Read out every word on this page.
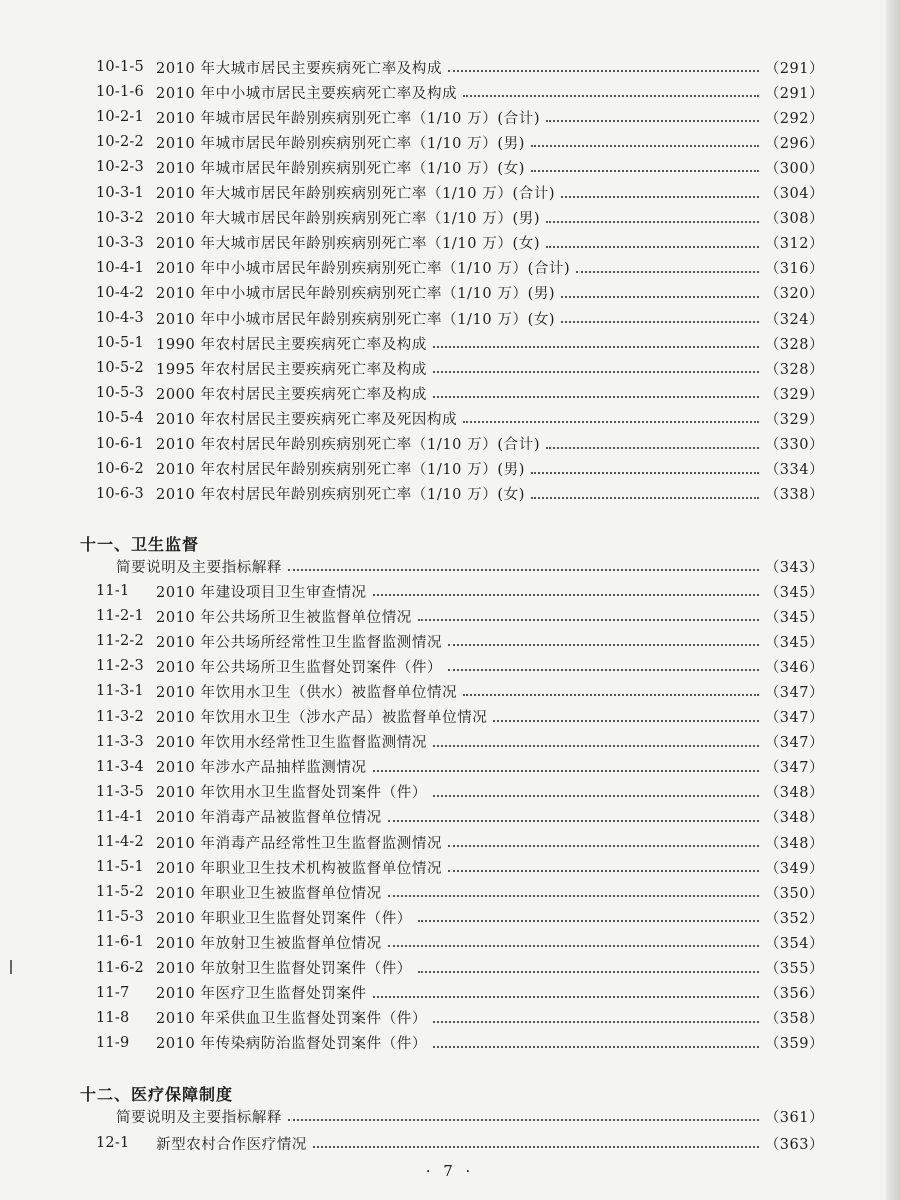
10-1-5 2010 年大城市居民主要疾病死亡率及构成	（291）
10-1-6 2010 年中小城市居民主要疾病死亡率及构成	（291）
10-2-1 2010 年城市居民年龄别疾病别死亡率（1/10 万）(合计)	（292）
10-2-2 2010 年城市居民年龄别疾病别死亡率（1/10 万）(男)	（296）
10-2-3 2010 年城市居民年龄别疾病别死亡率（1/10 万）(女)	（300）
10-3-1 2010 年大城市居民年龄别疾病别死亡率（1/10 万）(合计)	（304）
10-3-2 2010 年大城市居民年龄别疾病别死亡率（1/10 万）(男)	（308）
10-3-3 2010 年大城市居民年龄别疾病别死亡率（1/10 万）(女)	（312）
10-4-1 2010 年中小城市居民年龄别疾病别死亡率（1/10 万）(合计)	（316）
10-4-2 2010 年中小城市居民年龄别疾病别死亡率（1/10 万）(男)	（320）
10-4-3 2010 年中小城市居民年龄别疾病别死亡率（1/10 万）(女)	（324）
10-5-1 1990 年农村居民主要疾病死亡率及构成	（328）
10-5-2 1995 年农村居民主要疾病死亡率及构成	（328）
10-5-3 2000 年农村居民主要疾病死亡率及构成	（329）
10-5-4 2010 年农村居民主要疾病死亡率及死因构成	（329）
10-6-1 2010 年农村居民年龄别疾病别死亡率（1/10 万）(合计)	（330）
10-6-2 2010 年农村居民年龄别疾病别死亡率（1/10 万）(男)	（334）
10-6-3 2010 年农村居民年龄别疾病别死亡率（1/10 万）(女)	（338）
十一、卫生监督
简要说明及主要指标解释	（343）
11-1	2010 年建设项目卫生审查情况	（345）
11-2-1 2010 年公共场所卫生被监督单位情况	（345）
11-2-2 2010 年公共场所经常性卫生监督监测情况	（345）
11-2-3 2010 年公共场所卫生监督处罚案件（件）	（346）
11-3-1 2010 年饮用水卫生（供水）被监督单位情况	（347）
11-3-2 2010 年饮用水卫生（涉水产品）被监督单位情况	（347）
11-3-3 2010 年饮用水经常性卫生监督监测情况	（347）
11-3-4 2010 年涉水产品抽样监测情况	（347）
11-3-5 2010 年饮用水卫生监督处罚案件（件）	（348）
11-4-1 2010 年消毒产品被监督单位情况	（348）
11-4-2 2010 年消毒产品经常性卫生监督监测情况	（348）
11-5-1 2010 年职业卫生技术机构被监督单位情况	（349）
11-5-2 2010 年职业卫生被监督单位情况	（350）
11-5-3 2010 年职业卫生监督处罚案件（件）	（352）
11-6-1 2010 年放射卫生被监督单位情况	（354）
11-6-2 2010 年放射卫生监督处罚案件（件）	（355）
11-7	2010 年医疗卫生监督处罚案件	（356）
11-8	2010 年采供血卫生监督处罚案件（件）	（358）
11-9	2010 年传染病防治监督处罚案件（件）	（359）
十二、医疗保障制度
简要说明及主要指标解释	（361）
12-1	新型农村合作医疗情况	（363）
· 7 ·
